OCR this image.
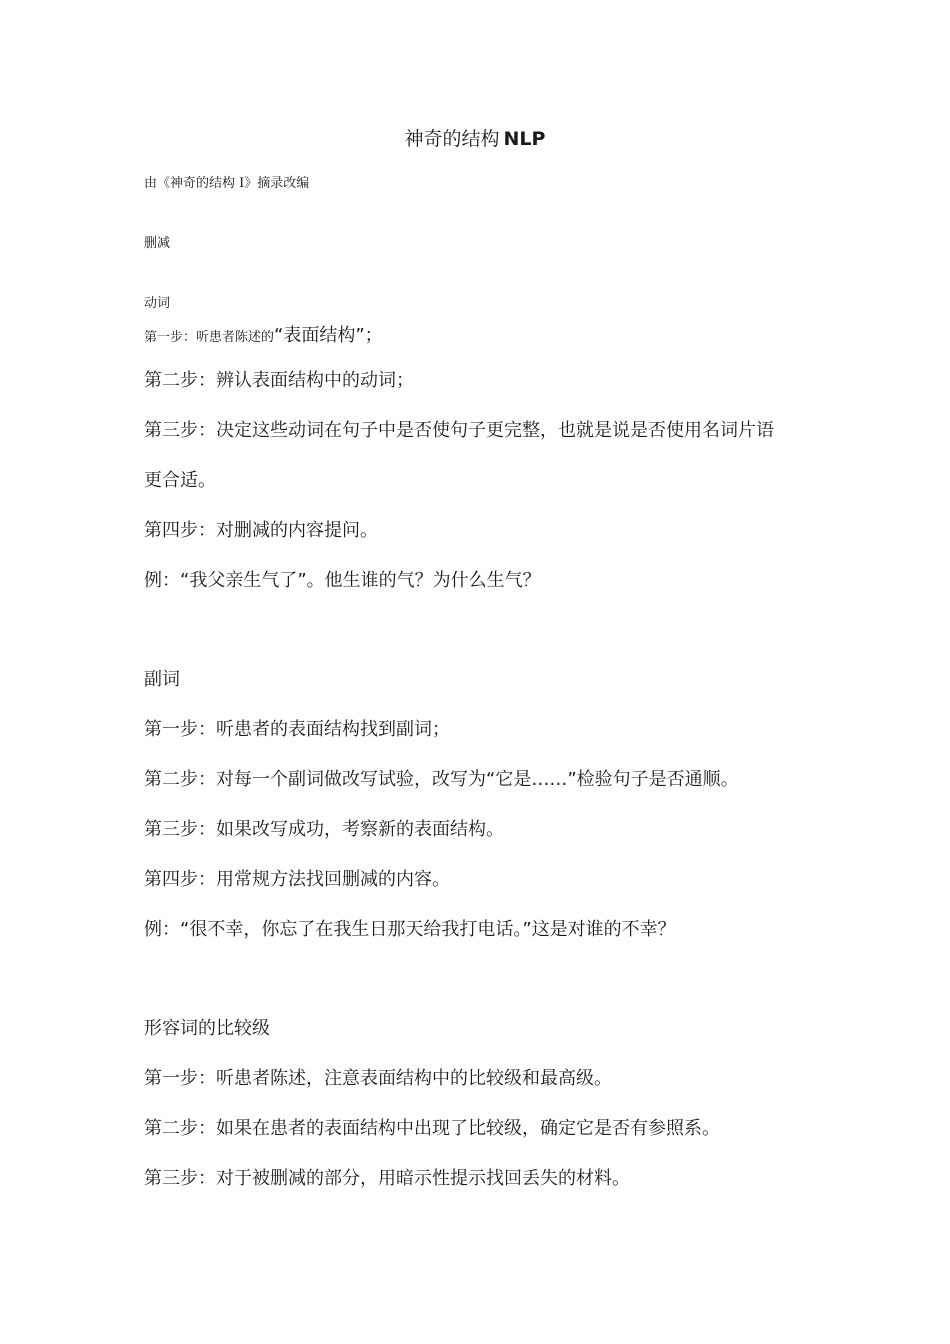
神奇的结构 NLP
由《神奇的结构 I》摘录改编
删减
动词
第一步：听患者陈述的“表面结构”；
第二步：辨认表面结构中的动词；
第三步：决定这些动词在句子中是否使句子更完整，也就是说是否使用名词片语
更合适。
第四步：对删减的内容提问。
例：“我父亲生气了”。他生谁的气？为什么生气？
副词
第一步：听患者的表面结构找到副词；
第二步：对每一个副词做改写试验，改写为“它是……”检验句子是否通顺。
第三步：如果改写成功，考察新的表面结构。
第四步：用常规方法找回删减的内容。
例：“很不幸，你忘了在我生日那天给我打电话。”这是对谁的不幸？
形容词的比较级
第一步：听患者陈述，注意表面结构中的比较级和最高级。
第二步：如果在患者的表面结构中出现了比较级，确定它是否有参照系。
第三步：对于被删减的部分，用暗示性提示找回丢失的材料。
